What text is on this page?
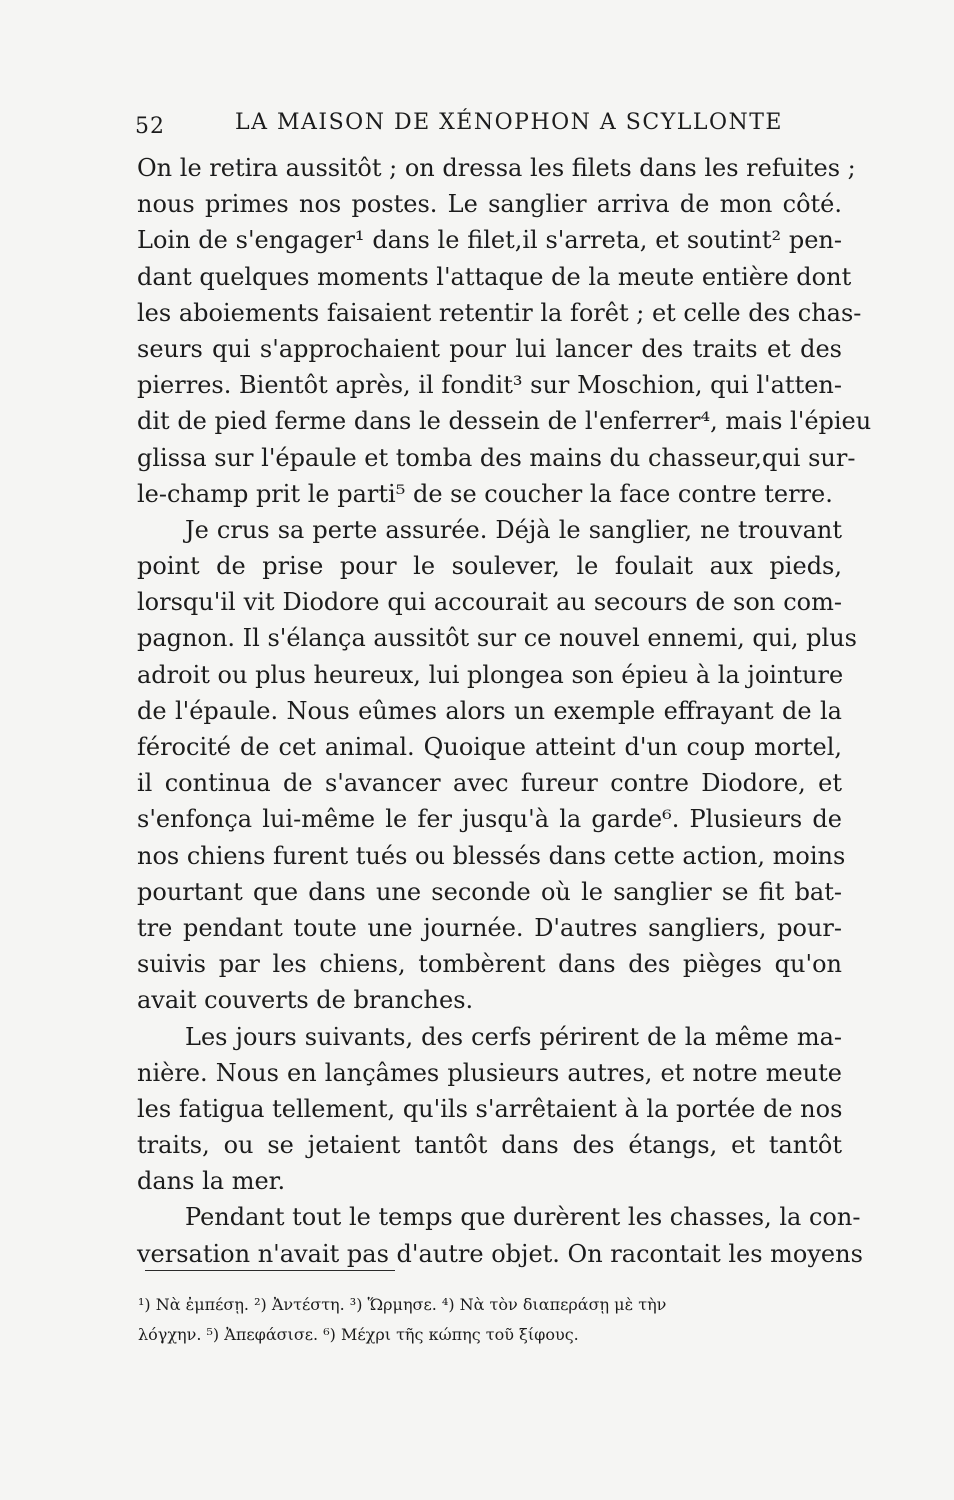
52	LA MAISON DE XÉNOPHON A SCYLLONTE
On le retira aussitôt ; on dressa les filets dans les refuites ;
nous primes nos postes. Le sanglier arriva de mon côté.
Loin de s'engager¹ dans le filet,il s'arreta, et soutint² pen-
dant quelques moments l'attaque de la meute entière dont
les aboiements faisaient retentir la forêt ; et celle des chas-
seurs qui s'approchaient pour lui lancer des traits et des
pierres. Bientôt après, il fondit³ sur Moschion, qui l'atten-
dit de pied ferme dans le dessein de l'enferrer⁴, mais l'épieu
glissa sur l'épaule et tomba des mains du chasseur,qui sur-
le-champ prit le parti⁵ de se coucher la face contre terre.
Je crus sa perte assurée. Déjà le sanglier, ne trouvant
point de prise pour le soulever, le foulait aux pieds,
lorsqu'il vit Diodore qui accourait au secours de son com-
pagnon. Il s'élança aussitôt sur ce nouvel ennemi, qui, plus
adroit ou plus heureux, lui plongea son épieu à la jointure
de l'épaule. Nous eûmes alors un exemple effrayant de la
férocité de cet animal. Quoique atteint d'un coup mortel,
il continua de s'avancer avec fureur contre Diodore, et
s'enfonça lui-même le fer jusqu'à la garde⁶. Plusieurs de
nos chiens furent tués ou blessés dans cette action, moins
pourtant que dans une seconde où le sanglier se fit bat-
tre pendant toute une journée. D'autres sangliers, pour-
suivis par les chiens, tombèrent dans des pièges qu'on
avait couverts de branches.
Les jours suivants, des cerfs périrent de la même ma-
nière. Nous en lançâmes plusieurs autres, et notre meute
les fatigua tellement, qu'ils s'arrêtaient à la portée de nos
traits, ou se jetaient tantôt dans des étangs, et tantôt
dans la mer.
Pendant tout le temps que durèrent les chasses, la con-
versation n'avait pas d'autre objet. On racontait les moyens
¹) Νὰ ἐμπέσῃ. ²) Ἀντέστη. ³) Ὥρμησε. ⁴) Νὰ τὸν διαπεράσῃ μὲ τὴν
λόγχην. ⁵) Ἀπεφάσισε. ⁶) Μέχρι τῆς κώπης τοῦ ξίφους.
